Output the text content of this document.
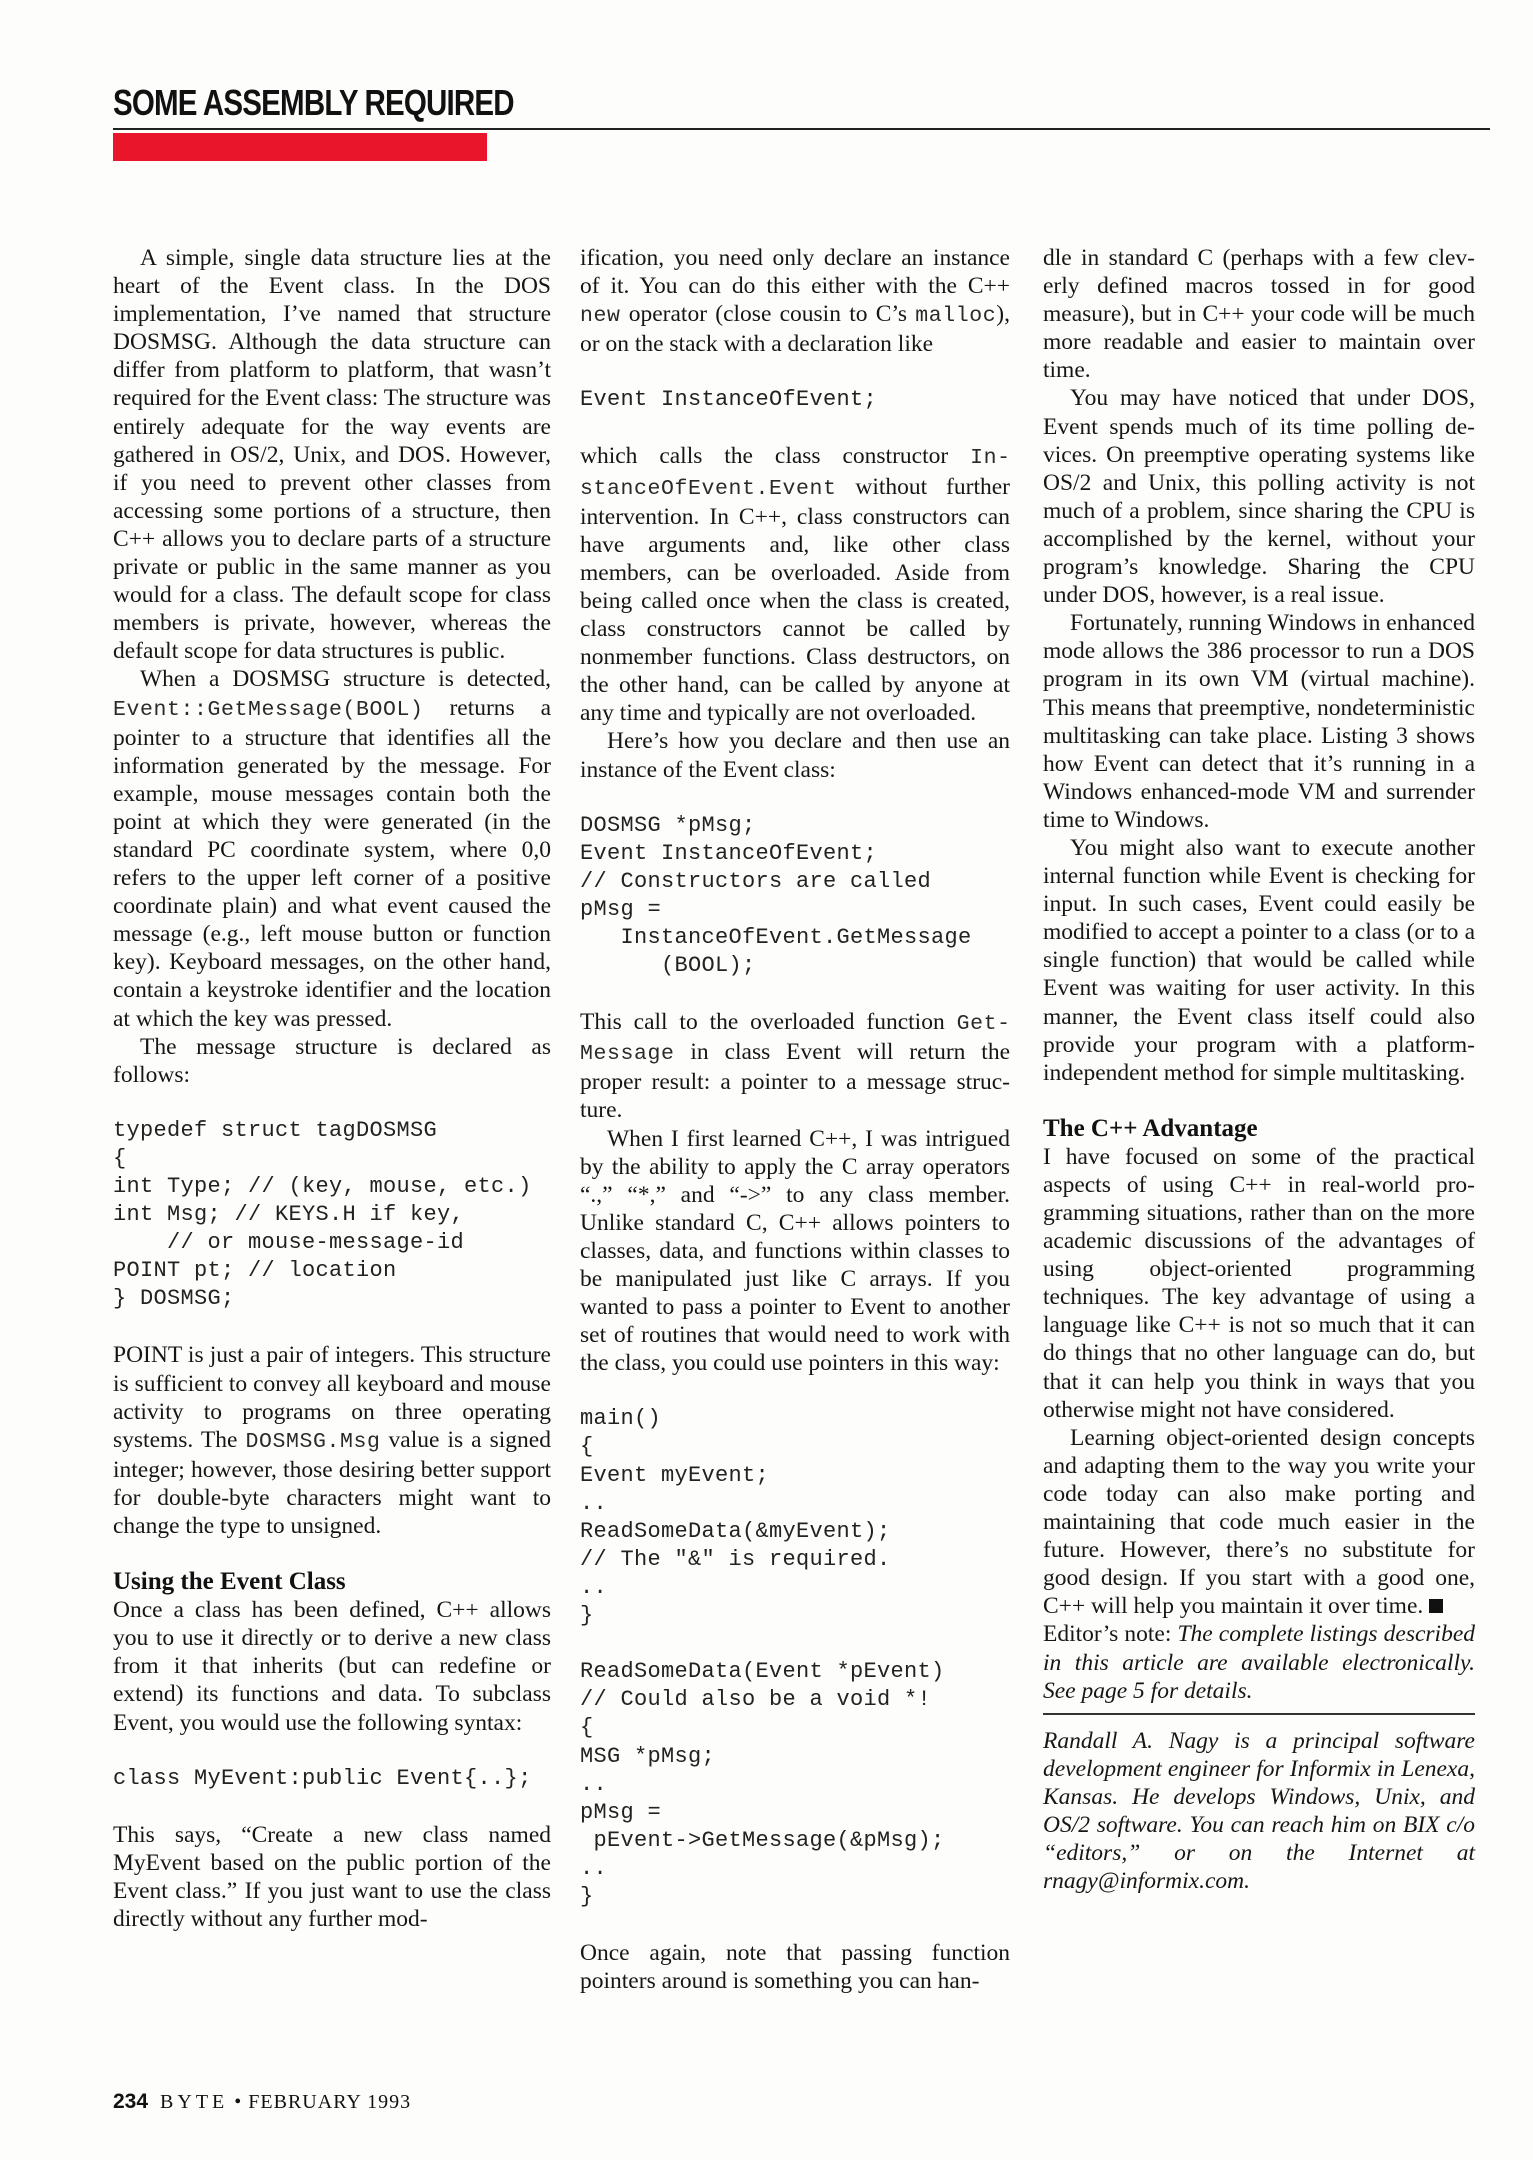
SOME ASSEMBLY REQUIRED

A simple, single data structure lies at the heart of the Event class. In the DOS implementation, I’ve named that structure DOSMSG. Although the data structure can differ from platform to platform, that wasn’t required for the Event class: The structure was entirely adequate for the way events are gathered in OS/2, Unix, and DOS. However, if you need to prevent other classes from accessing some portions of a structure, then C++ allows you to declare parts of a structure private or public in the same manner as you would for a class. The default scope for class members is private, however, whereas the default scope for data structures is public.

When a DOSMSG structure is detected, Event::GetMessage(BOOL) returns a pointer to a structure that identifies all the information generated by the message. For example, mouse messages contain both the point at which they were generated (in the standard PC coordinate system, where 0,0 refers to the upper left corner of a positive coordinate plain) and what event caused the message (e.g., left mouse button or function key). Keyboard messages, on the other hand, contain a keystroke identifier and the location at which the key was pressed.

The message structure is declared as follows:

typedef struct tagDOSMSG
{
int Type; // (key, mouse, etc.)
int Msg; // KEYS.H if key,
// or mouse-message-id
POINT pt; // location
} DOSMSG;

POINT is just a pair of integers. This structure is sufficient to convey all keyboard and mouse activity to programs on three operating systems. The DOSMSG.Msg value is a signed integer; however, those desiring better support for double-byte characters might want to change the type to unsigned.

Using the Event Class

Once a class has been defined, C++ allows you to use it directly or to derive a new class from it that inherits (but can redefine or extend) its functions and data. To subclass Event, you would use the following syntax:

class MyEvent:public Event{..};

This says, “Create a new class named MyEvent based on the public portion of the Event class.” If you just want to use the class directly without any further mod-

ification, you need only declare an instance of it. You can do this either with the C++ new operator (close cousin to C’s malloc), or on the stack with a declaration like

Event InstanceOfEvent;

which calls the class constructor InstanceOfEvent.Event without further intervention. In C++, class constructors can have arguments and, like other class members, can be overloaded. Aside from being called once when the class is created, class constructors cannot be called by nonmember functions. Class destructors, on the other hand, can be called by anyone at any time and typically are not overloaded.

Here’s how you declare and then use an instance of the Event class:

DOSMSG *pMsg;
Event InstanceOfEvent;
// Constructors are called
pMsg =
InstanceOfEvent.GetMessage
(BOOL);

This call to the overloaded function GetMessage in class Event will return the proper result: a pointer to a message structure.

When I first learned C++, I was intrigued by the ability to apply the C array operators “.,” “*,” and “->” to any class member. Unlike standard C, C++ allows pointers to classes, data, and functions within classes to be manipulated just like C arrays. If you wanted to pass a pointer to Event to another set of routines that would need to work with the class, you could use pointers in this way:

main()
{
Event myEvent;
..
ReadSomeData(&myEvent);
// The "&" is required.
..
}

ReadSomeData(Event *pEvent)
// Could also be a void *!
{
MSG *pMsg;
..
pMsg =
pEvent->GetMessage(&pMsg);
..
}

Once again, note that passing function pointers around is something you can han-

dle in standard C (perhaps with a few cleverly defined macros tossed in for good measure), but in C++ your code will be much more readable and easier to maintain over time.

You may have noticed that under DOS, Event spends much of its time polling devices. On preemptive operating systems like OS/2 and Unix, this polling activity is not much of a problem, since sharing the CPU is accomplished by the kernel, without your program’s knowledge. Sharing the CPU under DOS, however, is a real issue.

Fortunately, running Windows in enhanced mode allows the 386 processor to run a DOS program in its own VM (virtual machine). This means that preemptive, nondeterministic multitasking can take place. Listing 3 shows how Event can detect that it’s running in a Windows enhanced-mode VM and surrender time to Windows.

You might also want to execute another internal function while Event is checking for input. In such cases, Event could easily be modified to accept a pointer to a class (or to a single function) that would be called while Event was waiting for user activity. In this manner, the Event class itself could also provide your program with a platform-independent method for simple multitasking.

The C++ Advantage

I have focused on some of the practical aspects of using C++ in real-world programming situations, rather than on the more academic discussions of the advantages of using object-oriented programming techniques. The key advantage of using a language like C++ is not so much that it can do things that no other language can do, but that it can help you think in ways that you otherwise might not have considered.

Learning object-oriented design concepts and adapting them to the way you write your code today can also make porting and maintaining that code much easier in the future. However, there’s no substitute for good design. If you start with a good one, C++ will help you maintain it over time.

Editor’s note: The complete listings described in this article are available electronically. See page 5 for details.

Randall A. Nagy is a principal software development engineer for Informix in Lenexa, Kansas. He develops Windows, Unix, and OS/2 software. You can reach him on BIX c/o “editors,” or on the Internet at rnagy@informix.com.

234 BYTE • FEBRUARY 1993
